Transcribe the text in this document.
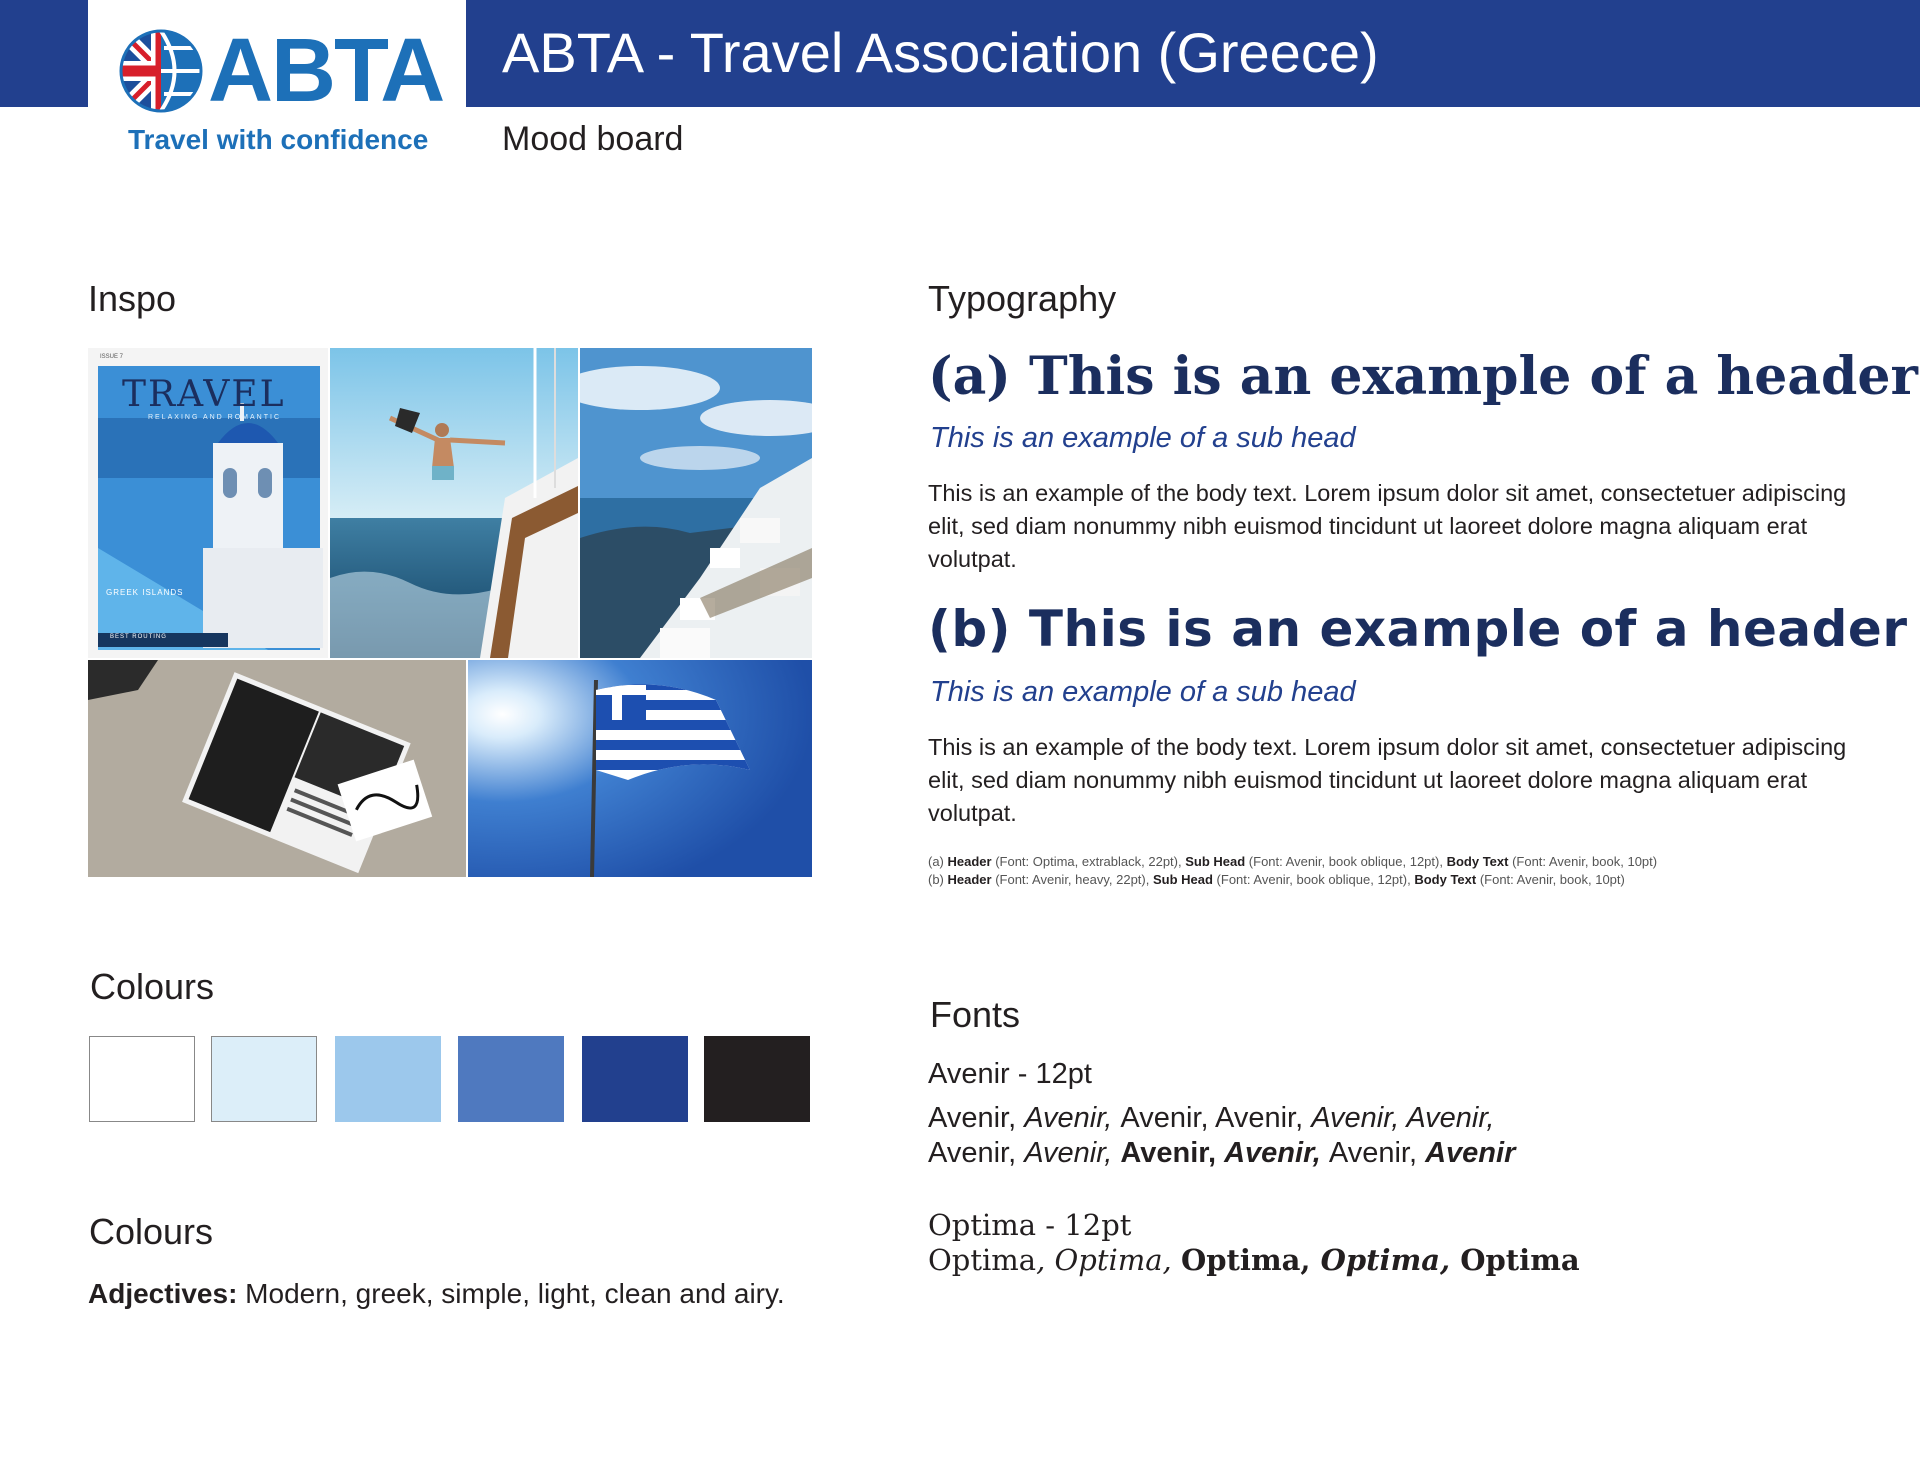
ABTA
Travel with confidence
ABTA - Travel Association (Greece)
Mood board
Inspo
TRAVEL
RELAXING AND ROMANTIC
ISSUE 7
GREEK ISLANDS
BEST ROUTING
Colours
Colours
Adjectives: Modern, greek, simple, light, clean and airy.
Typography
(a) This is an example of a header
This is an example of a sub head
This is an example of the body text. Lorem ipsum dolor sit amet, consectetuer adipiscing elit, sed diam nonummy nibh euismod tincidunt ut laoreet dolore magna aliquam erat volutpat.
(b) This is an example of a header
This is an example of a sub head
This is an example of the body text. Lorem ipsum dolor sit amet, consectetuer adipiscing elit, sed diam nonummy nibh euismod tincidunt ut laoreet dolore magna aliquam erat volutpat.
(a) Header (Font: Optima, extrablack, 22pt), Sub Head (Font: Avenir, book oblique, 12pt), Body Text (Font: Avenir, book, 10pt)
(b) Header (Font: Avenir, heavy, 22pt), Sub Head (Font: Avenir, book oblique, 12pt), Body Text (Font: Avenir, book, 10pt)
Fonts
Avenir - 12pt
Avenir, Avenir, Avenir, Avenir, Avenir, Avenir,
Avenir, Avenir, Avenir, Avenir, Avenir, Avenir
Optima - 12pt
Optima, Optima, Optima, Optima, Optima
